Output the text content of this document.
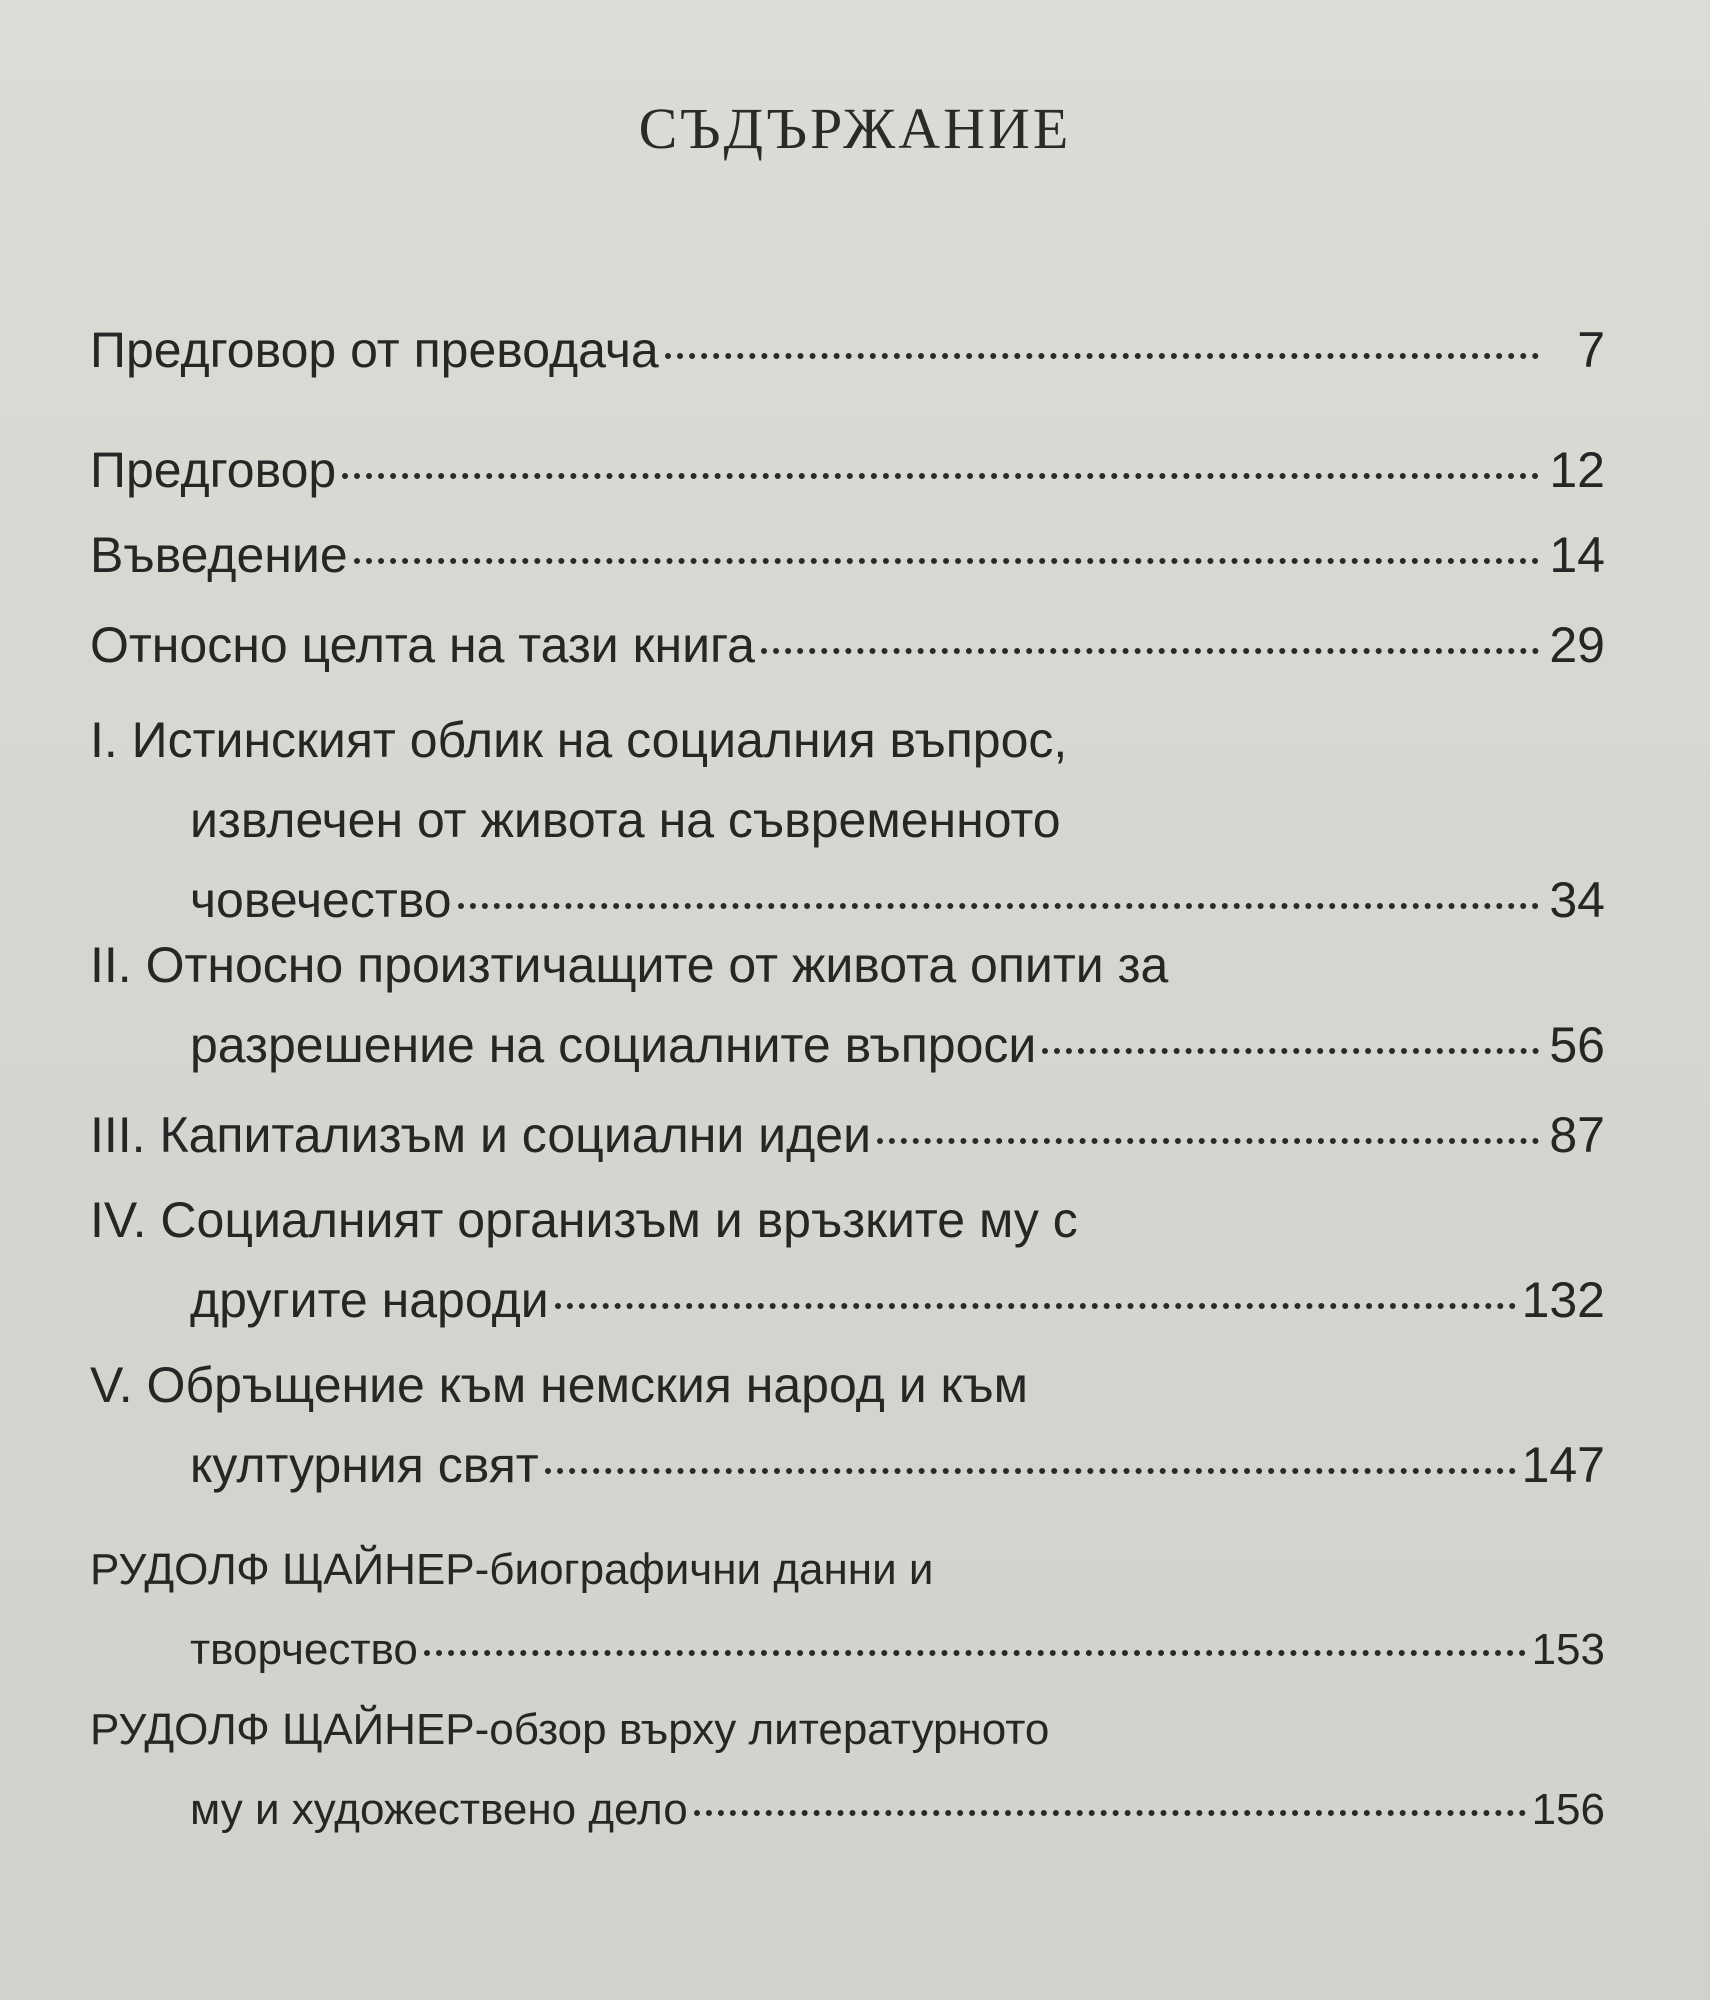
СЪДЪРЖАНИЕ
Предговор от преводача	7
Предговор	12
Въведение	14
Относно целта на тази книга	29
I. Истинският облик на социалния въпрос,
извлечен от живота на съвременното
човечество	34
II. Относно произтичащите от живота опити за
разрешение на социалните въпроси	56
III. Капитализъм и социални идеи	87
IV. Социалният организъм и връзките му с
другите народи	132
V. Обръщение към немския народ и към
културния свят	147
РУДОЛФ ЩАЙНЕР-биографични данни и
творчество	153
РУДОЛФ ЩАЙНЕР-обзор върху литературното
му и художествено дело	156
